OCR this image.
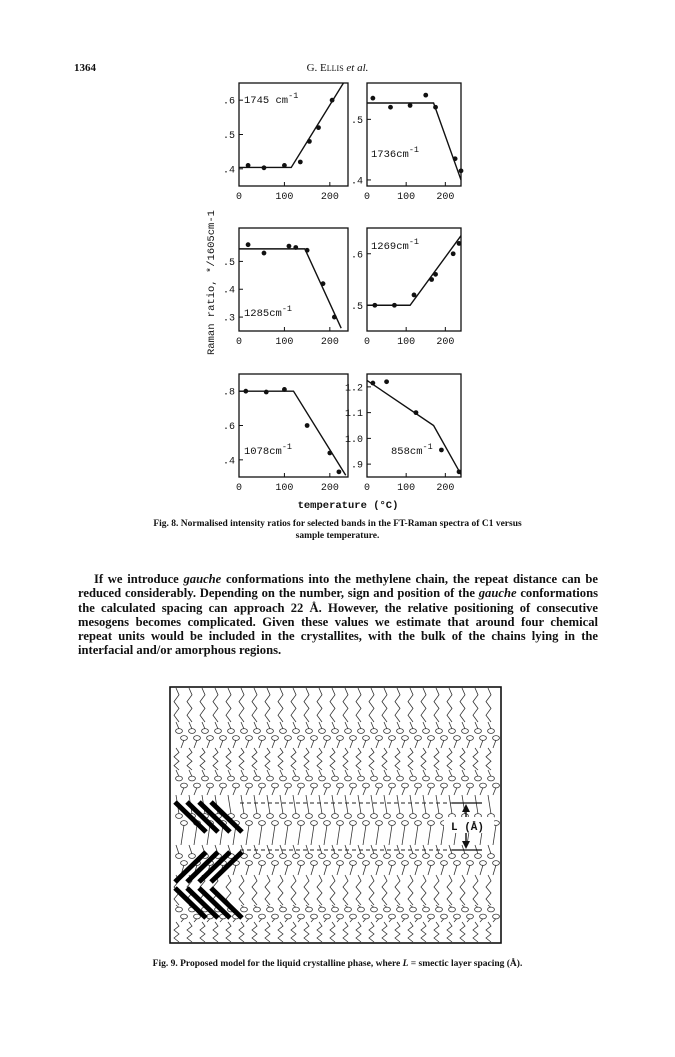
1364	G. Ellis et al.
.4
.5
.6
0	100	200
1745 $cm^{-1}$
.4
.5
0	100 200
$1736cm^{-1}$
.3
.4
.5
0	100	200
$1285cm^{-1}$	.5
.6
0	100 200
$1269cm^{-1}$
.4
.6
.8
0	100	200
$1078cm^{-1}$
.9
1.0
1.1
1.2
0	100 200
$858cm^{-1}$
Raman ratio, */1605cm-1
temperature (°C)
Fig. 8. Normalised intensity ratios for selected bands in the FT-Raman spectra of C1 versus
sample temperature.

If we introduce gauche conformations into the methylene chain, the repeat distance can be reduced considerably. Depending on the number, sign and position of the gauche conformations the calculated spacing can approach 22 Å. However, the relative positioning of consecutive mesogens becomes complicated. Given these values we estimate that around four chemical repeat units would be included in the crystallites, with the bulk of the chains lying in the interfacial and/or amorphous regions.

L (Å)
Fig. 9. Proposed model for the liquid crystalline phase, where L = smectic layer spacing (Å).
